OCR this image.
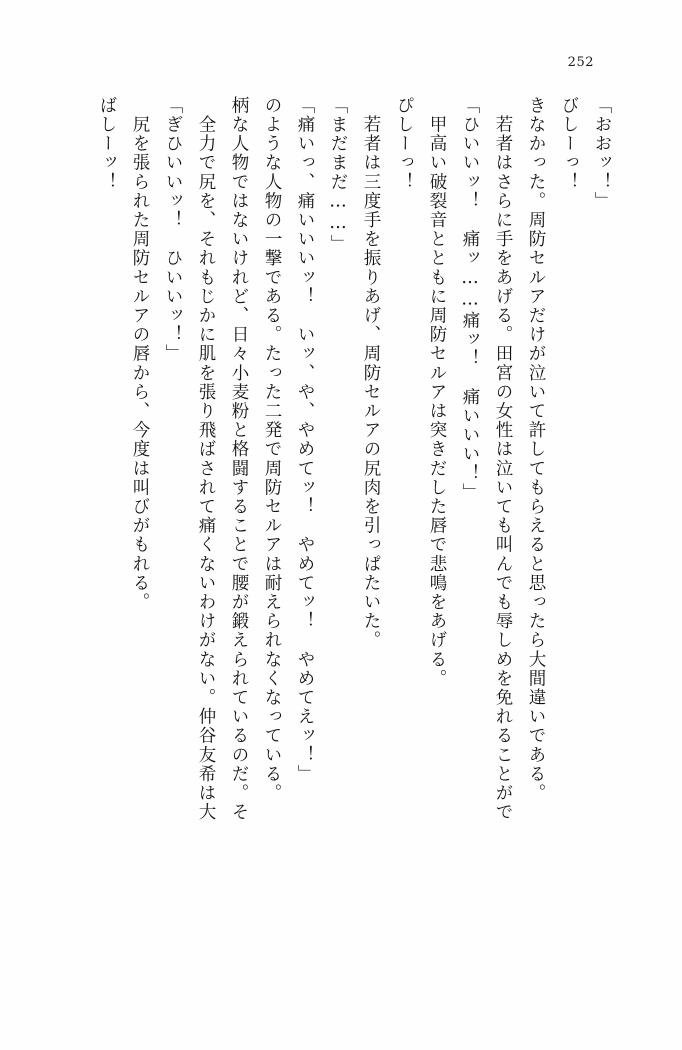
252
ばしーッ！ 　尻を張られた周防セルアの唇から、今度は叫びがもれる。 「ぎひいいッ！　ひいいッ！」 　全力で尻を、それもじかに肌を張り飛ばされて痛くないわけがない。仲谷友希は大 柄な人物ではないけれど、日々小麦粉と格闘することで腰が鍛えられているのだ。そ のような人物の一撃である。たった二発で周防セルアは耐えられなくなっている。 「痛いっ、痛いいいッ！　いッ、や、やめてッ！　やめてッ！　やめてえッ！」 「まだまだ……」 　若者は三度手を振りあげ、周防セルアの尻肉を引っぱたいた。 ぴしーっ！ 　甲高い破裂音とともに周防セルアは突きだした唇で悲鳴をあげる。 「ひいいッ！　痛ッ……痛ッ！　痛いいい！」 　若者はさらに手をあげる。田宮の女性は泣いても叫んでも辱しめを免れることがで きなかった。周防セルアだけが泣いて許してもらえると思ったら大間違いである。 びしーっ！ 「おおッ！」
